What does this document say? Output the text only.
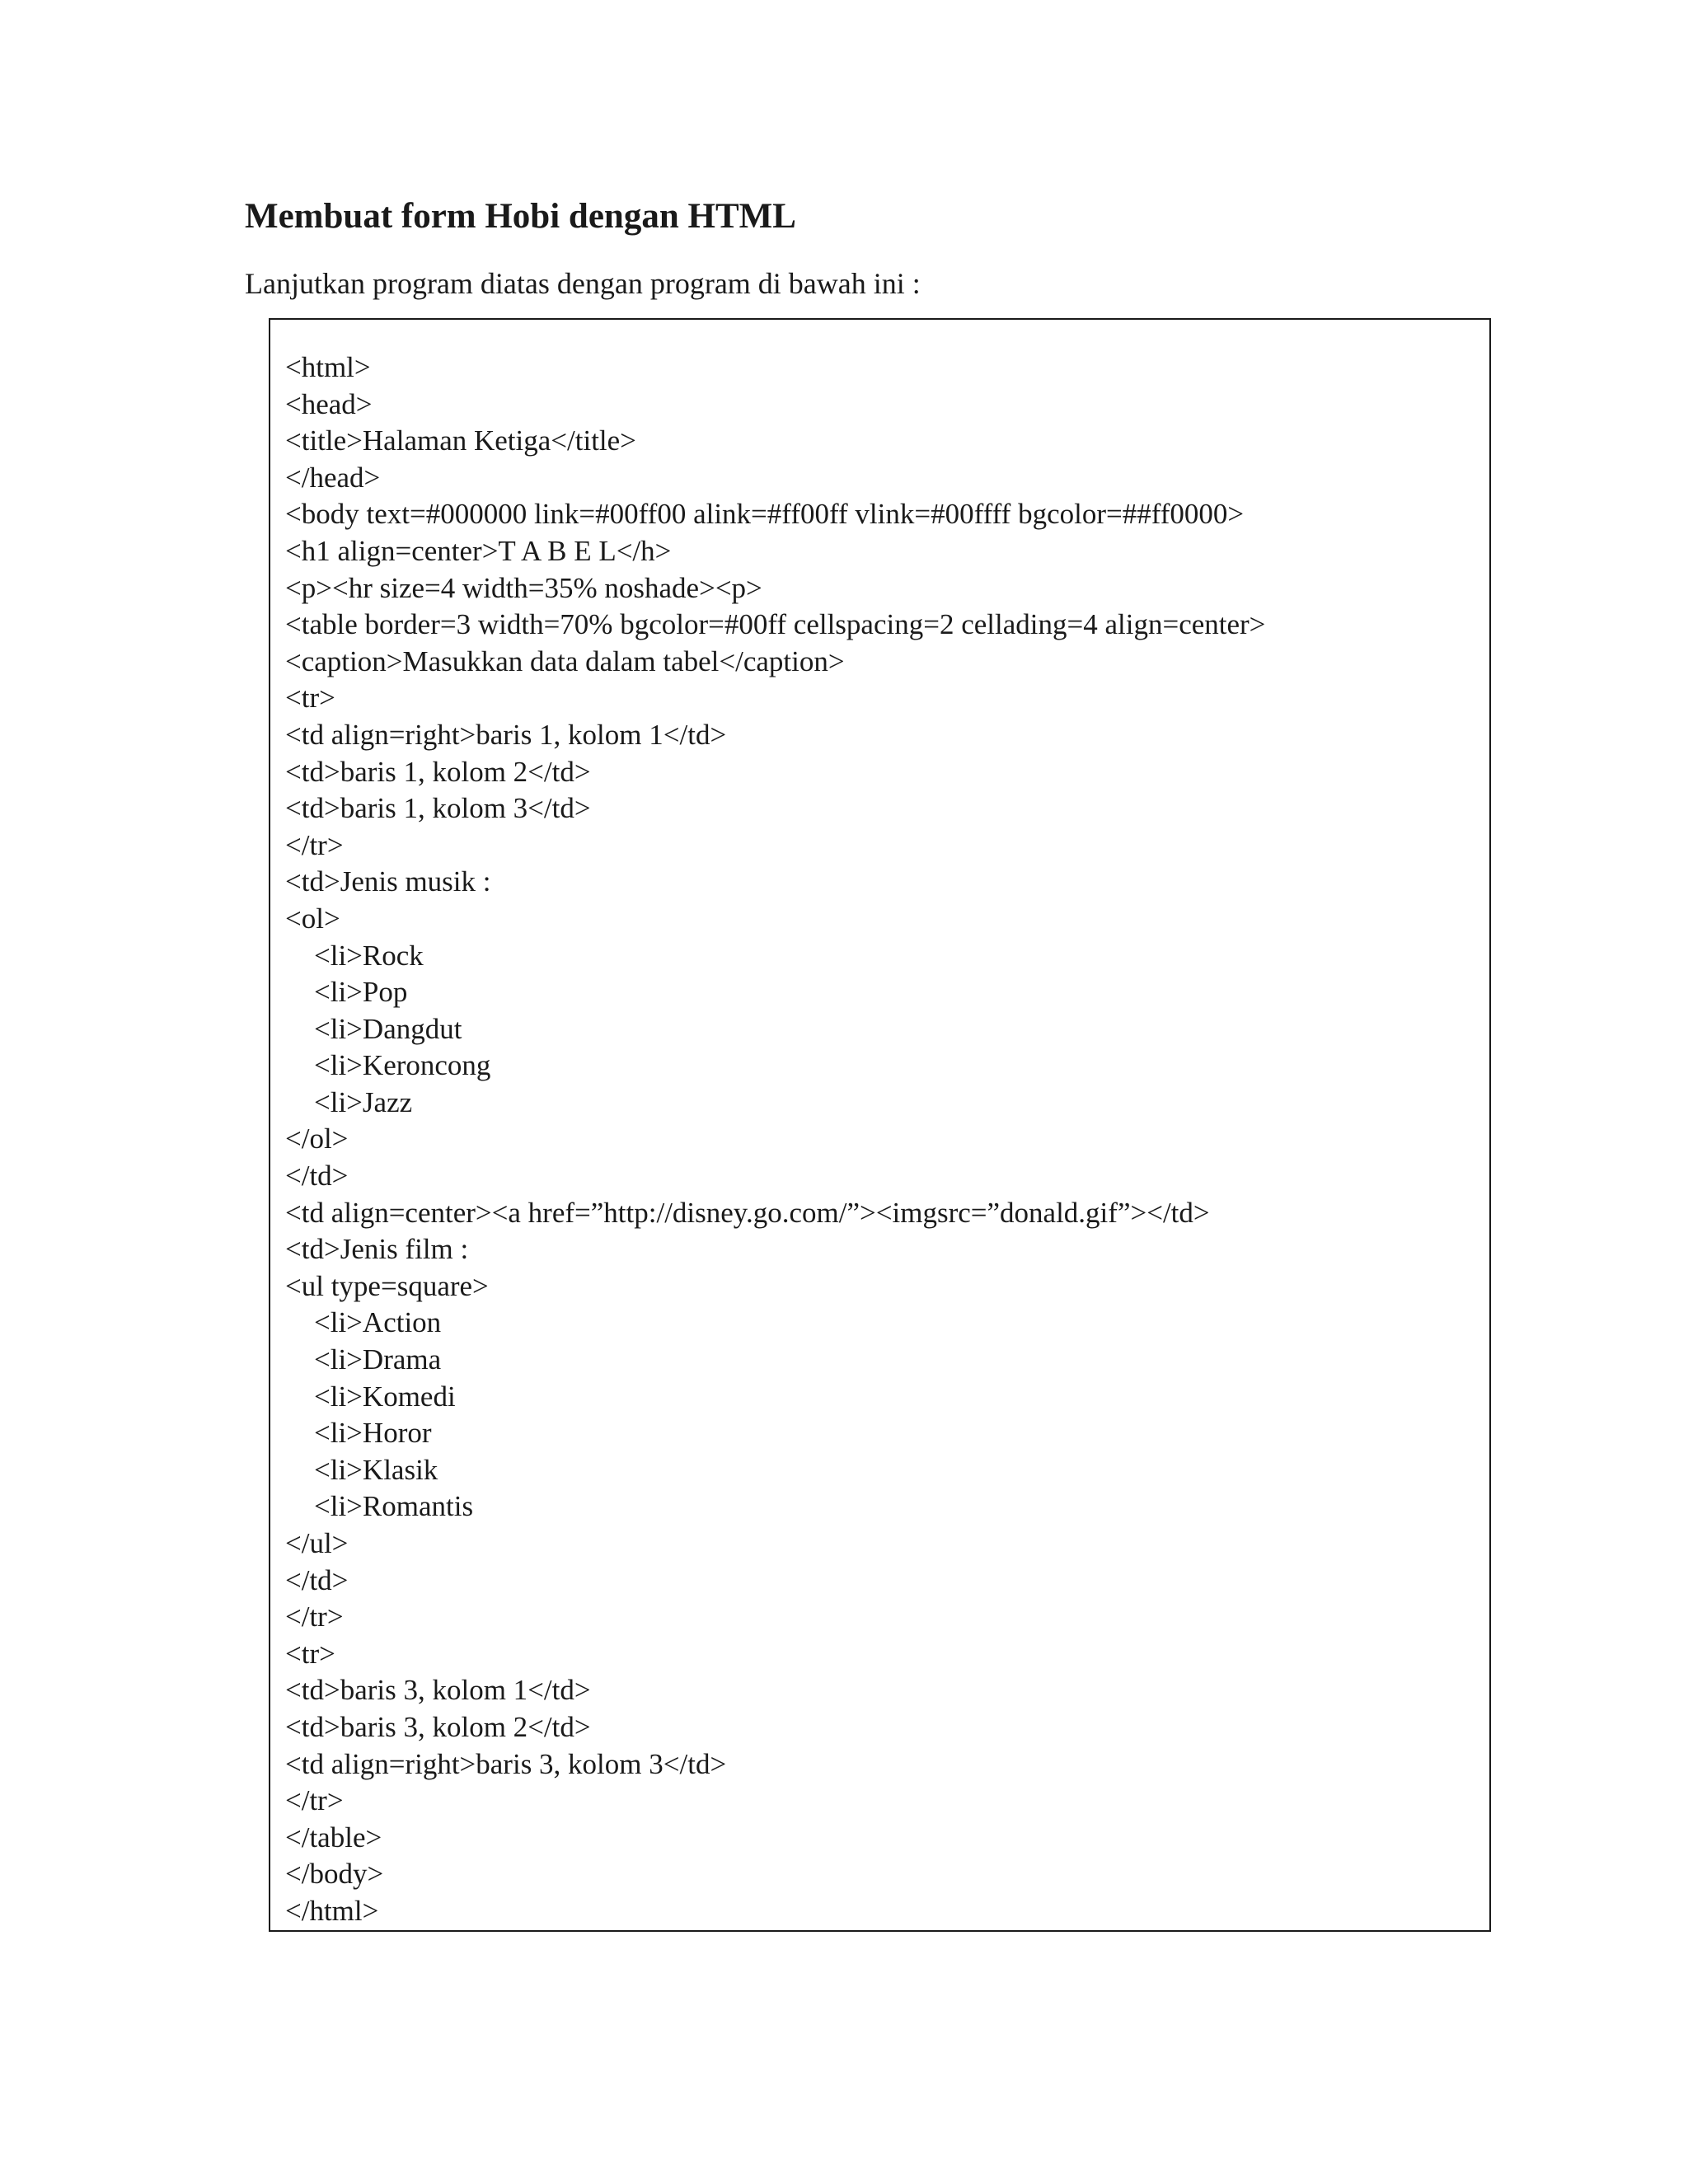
Membuat form Hobi dengan HTML

Lanjutkan program diatas dengan program di bawah ini :

<html>
<head>
<title>Halaman Ketiga</title>
</head>
<body text=#000000 link=#00ff00 alink=#ff00ff vlink=#00ffff bgcolor=##ff0000>
<h1 align=center>T A B E L</h>
<p><hr size=4 width=35% noshade><p>
<table border=3 width=70% bgcolor=#00ff cellspacing=2 cellading=4 align=center>
<caption>Masukkan data dalam tabel</caption>
<tr>
<td align=right>baris 1, kolom 1</td>
<td>baris 1, kolom 2</td>
<td>baris 1, kolom 3</td>
</tr>
<td>Jenis musik :
<ol>
<li>Rock
<li>Pop
<li>Dangdut
<li>Keroncong
<li>Jazz
</ol>
</td>
<td align=center><a href=”http://disney.go.com/”><imgsrc=”donald.gif”></td>
<td>Jenis film :
<ul type=square>
<li>Action
<li>Drama
<li>Komedi
<li>Horor
<li>Klasik
<li>Romantis
</ul>
</td>
</tr>
<tr>
<td>baris 3, kolom 1</td>
<td>baris 3, kolom 2</td>
<td align=right>baris 3, kolom 3</td>
</tr>
</table>
</body>
</html>
